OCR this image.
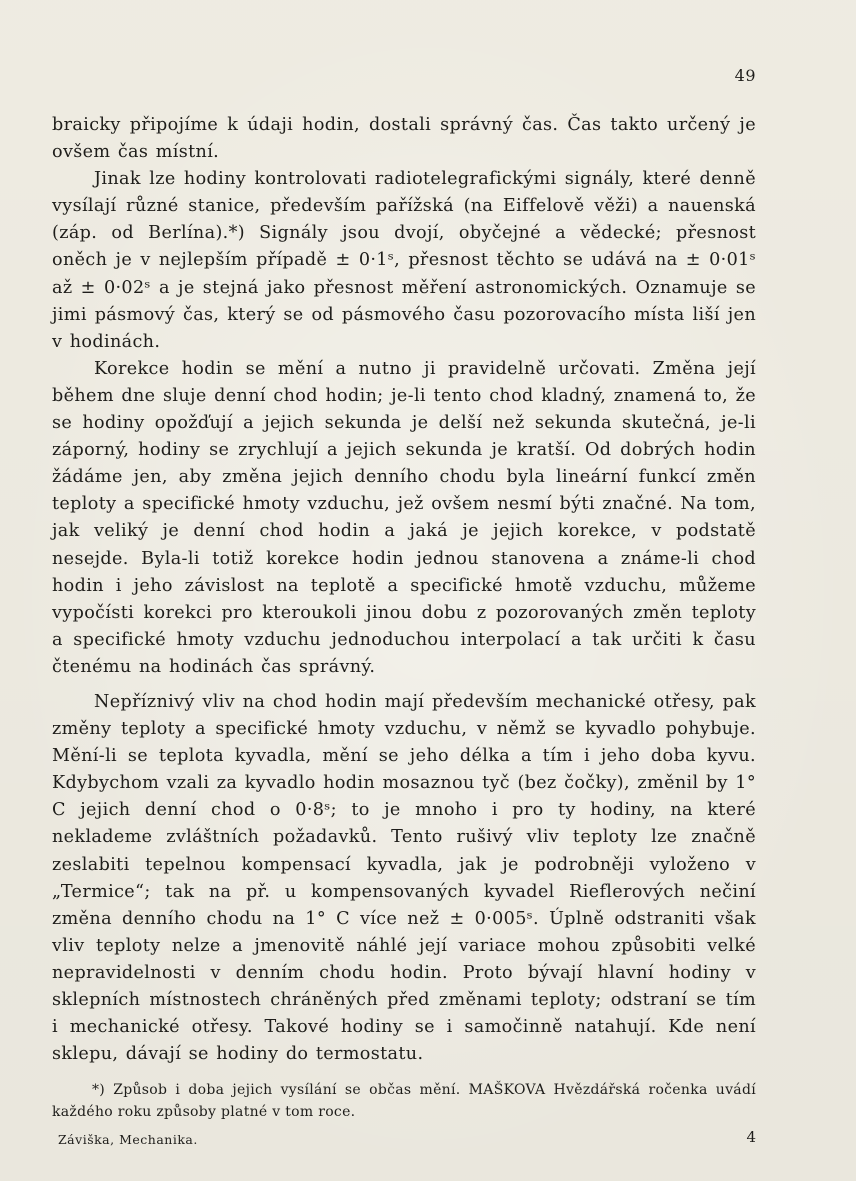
49

braicky připojíme k údaji hodin, dostali správný čas. Čas takto určený je ovšem čas místní.

Jinak lze hodiny kontrolovati radiotelegrafickými signály, které denně vysílají různé stanice, především pařížská (na Eiffelově věži) a nauenská (záp. od Berlína).*) Signály jsou dvojí, obyčejné a vědecké; přesnost oněch je v nejlepším případě ± 0·1ˢ, přesnost těchto se udává na ± 0·01ˢ až ± 0·02ˢ a je stejná jako přesnost měření astronomických. Oznamuje se jimi pásmový čas, který se od pásmového času pozorovacího místa liší jen v hodinách.

Korekce hodin se mění a nutno ji pravidelně určovati. Změna její během dne sluje denní chod hodin; je-li tento chod kladný, znamená to, že se hodiny opožďují a jejich sekunda je delší než sekunda skutečná, je-li záporný, hodiny se zrychlují a jejich sekunda je kratší. Od dobrých hodin žádáme jen, aby změna jejich denního chodu byla lineární funkcí změn teploty a specifické hmoty vzduchu, jež ovšem nesmí býti značné. Na tom, jak veliký je denní chod hodin a jaká je jejich korekce, v podstatě nesejde. Byla-li totiž korekce hodin jednou stanovena a známe-li chod hodin i jeho závislost na teplotě a specifické hmotě vzduchu, můžeme vypočísti korekci pro kteroukoli jinou dobu z pozorovaných změn teploty a specifické hmoty vzduchu jednoduchou interpolací a tak určiti k času čtenému na hodinách čas správný.

Nepříznivý vliv na chod hodin mají především mechanické otřesy, pak změny teploty a specifické hmoty vzduchu, v němž se kyvadlo pohybuje. Mění-li se teplota kyvadla, mění se jeho délka a tím i jeho doba kyvu. Kdybychom vzali za kyvadlo hodin mosaznou tyč (bez čočky), změnil by 1° C jejich denní chod o 0·8ˢ; to je mnoho i pro ty hodiny, na které neklademe zvláštních požadavků. Tento rušivý vliv teploty lze značně zeslabiti tepelnou kompensací kyvadla, jak je podrobněji vyloženo v „Termice“; tak na př. u kompensovaných kyvadel Rieflerových nečiní změna denního chodu na 1° C více než ± 0·005ˢ. Úplně odstraniti však vliv teploty nelze a jmenovitě náhlé její variace mohou způsobiti velké nepravidelnosti v denním chodu hodin. Proto bývají hlavní hodiny v sklepních místnostech chráněných před změnami teploty; odstraní se tím i mechanické otřesy. Takové hodiny se i samočinně natahují. Kde není sklepu, dávají se hodiny do termostatu.

*) Způsob i doba jejich vysílání se občas mění. MAŠKOVA Hvězdářská ročenka uvádí každého roku způsoby platné v tom roce.

Záviška, Mechanika.	4
